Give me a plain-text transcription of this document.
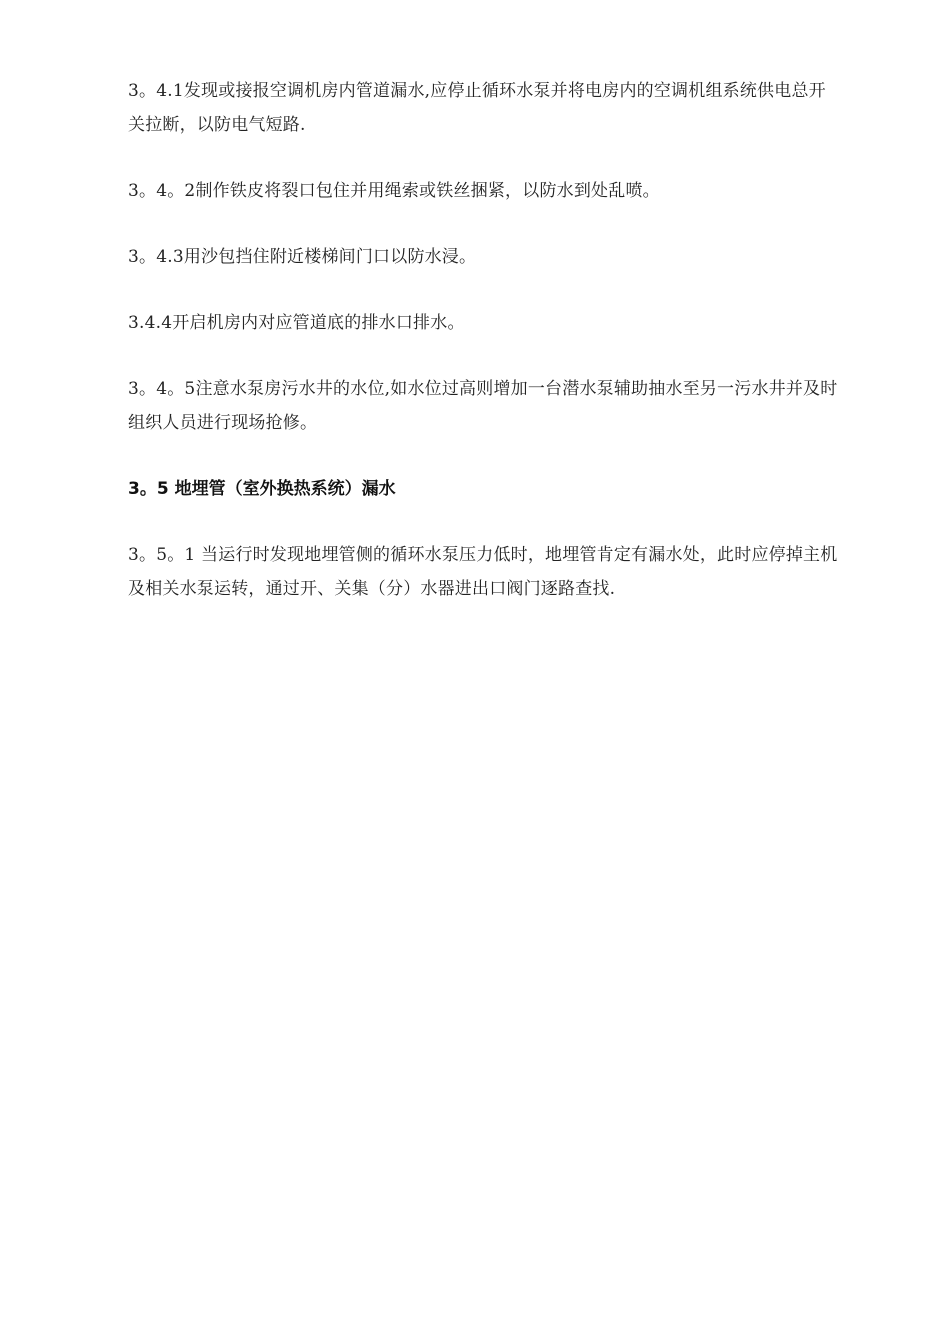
3。4.1发现或接报空调机房内管道漏水,应停止循环水泵并将电房内的空调机组系统供电总开关拉断，以防电气短路.

3。4。2制作铁皮将裂口包住并用绳索或铁丝捆紧，以防水到处乱喷。

3。4.3用沙包挡住附近楼梯间门口以防水浸。

3.4.4开启机房内对应管道底的排水口排水。

3。4。5注意水泵房污水井的水位,如水位过高则增加一台潜水泵辅助抽水至另一污水井并及时组织人员进行现场抢修。

3。5 地埋管（室外换热系统）漏水

3。5。1 当运行时发现地埋管侧的循环水泵压力低时，地埋管肯定有漏水处，此时应停掉主机及相关水泵运转，通过开、关集（分）水器进出口阀门逐路查找.
